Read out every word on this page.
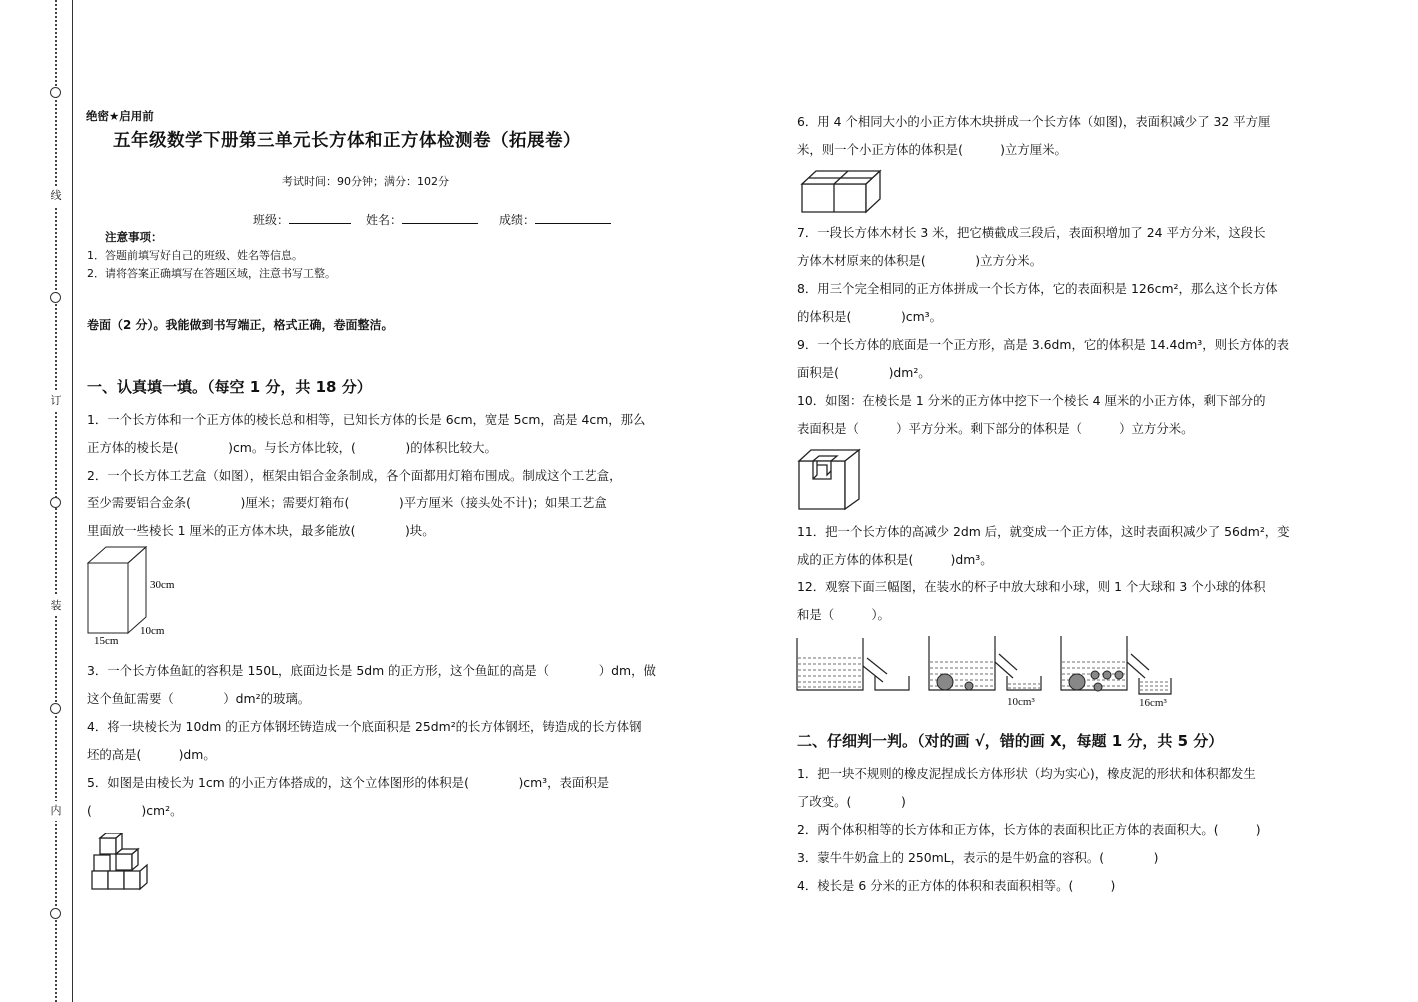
线
订
装
内
绝密★启用前
五年级数学下册第三单元长方体和正方体检测卷（拓展卷）
考试时间：90分钟；满分：102分
班级：	姓名：	成绩：
注意事项：
1．答题前填写好自己的班级、姓名等信息。
2．请将答案正确填写在答题区域，注意书写工整。
卷面（2 分）。我能做到书写端正，格式正确，卷面整洁。
一、认真填一填。（每空 1 分，共 18 分）
1．一个长方体和一个正方体的棱长总和相等，已知长方体的长是 6cm，宽是 5cm，高是 4cm，那么
正方体的棱长是(　　　　)cm。与长方体比较，(　　　　)的体积比较大。
2．一个长方体工艺盒（如图），框架由铝合金条制成，各个面都用灯箱布围成。制成这个工艺盒，
至少需要铝合金条(　　　　)厘米；需要灯箱布(　　　　)平方厘米（接头处不计)；如果工艺盒
里面放一些棱长 1 厘米的正方体木块，最多能放(　　　　)块。
30cm
10cm
15cm
3．一个长方体鱼缸的容积是 150L，底面边长是 5dm 的正方形，这个鱼缸的高是（　　　　）dm，做
这个鱼缸需要（　　　　）dm²的玻璃。
4．将一块棱长为 10dm 的正方体钢坯铸造成一个底面积是 25dm²的长方体钢坯，铸造成的长方体钢
坯的高是(　　　)dm。
5．如图是由棱长为 1cm 的小正方体搭成的，这个立体图形的体积是(　　　　)cm³，表面积是
(　　　　)cm²。
6．用 4 个相同大小的小正方体木块拼成一个长方体（如图)，表面积减少了 32 平方厘
米，则一个小正方体的体积是(　　　)立方厘米。
7．一段长方体木材长 3 米，把它横截成三段后，表面积增加了 24 平方分米，这段长
方体木材原来的体积是(　　　　)立方分米。
8．用三个完全相同的正方体拼成一个长方体，它的表面积是 126cm²，那么这个长方体
的体积是(　　　　)cm³。
9．一个长方体的底面是一个正方形，高是 3.6dm，它的体积是 14.4dm³，则长方体的表
面积是(　　　　)dm²。
10．如图：在棱长是 1 分米的正方体中挖下一个棱长 4 厘米的小正方体，剩下部分的
表面积是（　　　）平方分米。剩下部分的体积是（　　　）立方分米。
11．把一个长方体的高减少 2dm 后，就变成一个正方体，这时表面积减少了 56dm²，变
成的正方体的体积是(　　　)dm³。
12．观察下面三幅图，在装水的杯子中放大球和小球，则 1 个大球和 3 个小球的体积
和是（　　　）。
10cm³	16cm³
二、仔细判一判。（对的画 √，错的画 X，每题 1 分，共 5 分）
1．把一块不规则的橡皮泥捏成长方体形状（均为实心)，橡皮泥的形状和体积都发生
了改变。(　　　　)
2．两个体积相等的长方体和正方体，长方体的表面积比正方体的表面积大。(　　　)
3．蒙牛牛奶盒上的 250mL，表示的是牛奶盒的容积。(　　　　)
4．棱长是 6 分米的正方体的体积和表面积相等。(　　　)
